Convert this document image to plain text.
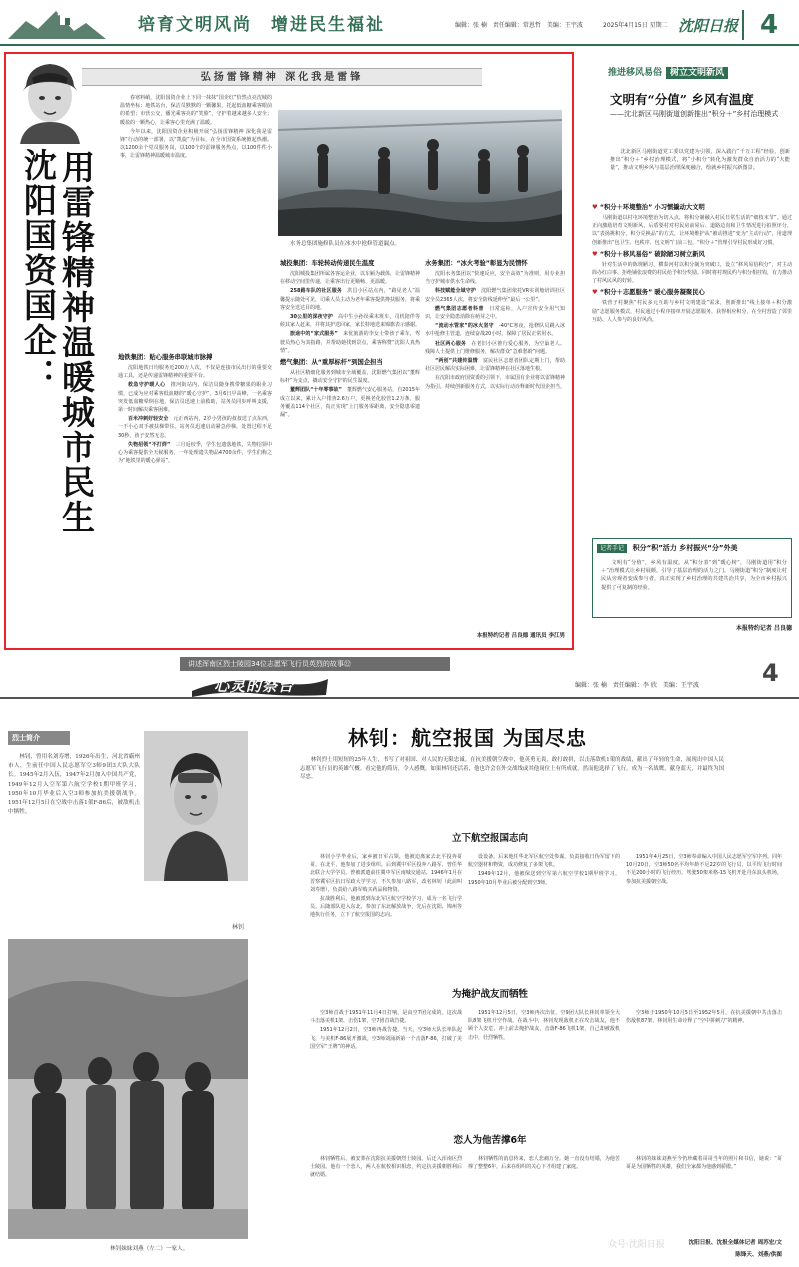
培育文明风尚　增进民生福祉	编辑：张 楠　责任编辑：常恩哲　美编：王宇波	2025年4月15日 星期二 沈阳日报 4
弘扬雷锋精神 深化我是雷锋
用雷锋精神温暖城市民生
沈阳国资国企：

春寒料峭，沈阳国资企业上下同一抹抹“国企红”恰然点亮沈城的温情坐标：地铁站台，保洁员默默的一颗馨果，托起低血糖乘客眼前的希望；市营公交，播光乘客亮的“笑脸”，守护着越来越多人安全；暖盈的一颗热心，让乘客心里充满了温暖。

今年以来，沈阳国资企业积极开展“弘扬雷锋精神 深化我是雷锋”行动的统一部署，以“凯旋”为目标，在全市国资系统掀起热潮。以1200余个党员服务岗，以100个的雷锋服务热点，以100件件小事，让雷锋精神温暖城市温度。

水务总集团施修队员在冰水中抢修管道漏点。
地铁集团：贴心服务串联城市脉搏

沈阳地铁日均服务近200万人次，不仅是连接市民出行的重要交通工具，还是传递雷锋精神的重要平台。

救急守护暖人心　 推河街站内，保洁员随身携带糖果的职业习惯，已成为应对乘客低血糖的“暖心守护”。3月6日早高峰，一名乘客突发低血糖晕倒在地，保洁员迅速上前救助，站务员同步呼叫支援，第一时间解决乘客困难。

百米冲刺好轻安全　 元正西站内，2岁小男孩的叔叔送了点东西，一不小心双手被扶梯带住。站务员迅速启动紧急停梯，处置过程不足30秒，孩子安然无恙。

失物招领“不打烊”　 三月返校季，学生包遗落地铁，失物招领中心为乘客提供全天候服务，一年处理遗失物品4700余件，学生们称之为“地铁里的暖心驿站”。

城投集团：车轮转动传递民生温度

沈阳城投集团所属各客运企业，以车厢为载体，让雷锋精神在移动空间里传递，让乘客出行更顺畅、更温暖。

258路车队的社区服务　 洪昌小区站点内，“路见老人”温馨提示随处可见，司乘人员主动为老年乘客提供搀扶服务，将乘客安全送达目的地。

30公里的深夜守护　 高中生小孙误乘末班车，司机陪伴等候其家人赶来，并将其护送回家，家长特地送来锦旗表示感谢。

旅途中的“家式服务”　 来优旅游的李女士带孩子乘车，驾驶员热心为其指路，并帮助她找到景点，乘客称赞“沈阳人真热情”。

燃气集团：从“重厚标杆”到国企担当

从社区精细化服务到城市全域覆盖，沈阳燃气集团以“董辉标杆”为支点，撬动安全守护的民生温度。

董辉团队“十年零事故”　 董辉燃气安心服务站，自2015年成立以来，累计入户排查2.6万户，更换老化胶管1.2万条，服务覆盖114个社区，真正实现“上门服务零距离，安全隐患零遗漏”。

水务集团：“冰火考验”彰显为民情怀

沈阳水务集团以“快速反应，安全高效”为准则，用专业担当守护城市供水生命线。

科技赋能全域守护　 沈阳燃气集团依托VR实训舱培训社区安全员2365人次，将安全防线延伸至“最后一公里”。

燃气集团志愿者科普　 日常巡检，入户宣传安全用气知识，让安全隐患消除在萌芽之中。

“流动水管家”的冰火坚守　 -40°C寒夜，抢修队员跳入冰水中抢修主管道，连续奋战20小时，保障了居民正常用水。

社区两心服务　 在老旧小区推行爱心服务，为空巢老人、残障人士提供上门维修服务，解决群众“急难愁盼”问题。

“两创”共建传温情　 富民社区志愿者团队定期上门，帮助社区居民解决实际困难，让雷锋精神在社区落地生根。

在沈阳市政府国资委的引领下，市属国有企业将以雷锋精神为指引，持续创新服务方式，以实际行动诠释新时代国企担当。

本报特约记者 吕良德 通讯员 李江男
推进移风易俗 树立文明新风
文明有“分值” 乡风有温度
——沈北新区马刚街道创新推出“积分＋”乡村治理模式
沈北新区马刚街道党工委以党建为引领，深入践行“千万工程”经验，创新推出“积分＋”乡村治理模式，将“小积分”转化为激发群众自治活力的“大能量”，推动文明乡风与基层治理深度融合，绘就乡村振兴新图景。
♥ “积分＋环境整治” 小习惯撬动大文明

马刚街道以村屯环境整治为切入点，将积分制融入村民日常生活的“细枝末节”。通过正向激励培育文明新风，后盾要村对村民房前屋后、道路边沟和卫生情况进行拍照评分，以“表扬挑积分，积分兑换品”的方式，让环境维护从“被动推进”变为“主动行动”，用道理创新推出“包卫生、包秩序、包文明”门前三包，“积分＋”管理引导村民形成好习惯。

♥ “积分＋移风易俗” 破除陋习树立新风

针对生活中的陈规陋习，横泰河村以积分制为突破口，设立“移风易俗积分”，对主动简办红白事、拒绝铺张浪费的村民给予积分奖励。同时将村规民约与积分相挂钩，有力推动了村风民风的好转。

♥ “积分＋志愿服务” 暖心服务凝聚民心

铁营子村聚焦“村民多元互助与乡村文明建设”需求，创新推出“线上接单＋积分激励”志愿服务模式，村民通过小程序接单开展志愿服务，获得相应积分，在全村营造了邻里互助、人人参与的良好风尚。

记者手记 积分“积”活力 乡村振兴“分”外美
文明有“分值”，乡风有温度。从“积分表”到“暖心榜”，马刚街道用“积分＋”治理模式让乡村展颜。引导了基层治理的活力之门。马刚街道“积分”制度让村民从旁观者变成参与者，真正实现了乡村治理的共建共治共享，为全市乡村振兴提供了可复制的经验。
本报特约记者 吕良德
讲述浑南区烈士陵园34位志愿军飞行员英烈的故事㉒
心灵的祭台	编辑：张 楠　责任编辑：李 欣　美编：王宇波	4
烈士简介
林钊，曾用名刘寿增，1926年出生，河北省霸州市人，生前任中国人民志愿军空3师9团3大队大队长。1945年2月入伍，1947年2月加入中国共产党，1949年12月入空军第六航空学校1期甲班学习，1950年10月毕业后入空3师参加抗美援朝战争。1951年12月5日在空战中击落1架F-86后，被敌机击中牺牲。
林钊
林钊妹妹刘燕（左二）一家人。
林钊：航空报国 为国尽忠
林钊烈士用短短的25年人生，书写了对祖国、对人民的无限忠诚。在抗美援朝空战中，他英勇无畏，敢打敢拼，以击落敌机1架的战绩，献出了年轻的生命，展现出中国人民志愿军飞行员的英雄气概。看完他的简历，令人感慨。如果林钊还活着，他也许会在外交战线或其他岗位上有所成就，然而他选择了飞行，成为一名战鹰，献身蓝天，并最终为国尽忠。
立下航空报国志向

林钊小学毕业后，家乡被日军占领，他被迫离家去北平投奔哥哥。在北平，他参加了进步组织，后到冀中军区投奔八路军，曾任华北联合大学学员，曾被派遣前往冀中军区南城交通站。1946年1月在晋察冀军区抗日军政大学学习，不久参加八路军，改名林钊（此前叫刘寿增），负责给八路军购买药品和物资。

抗战胜利后，他被派到东北军区航空学校学习，成为一名飞行学员。后随部队进入东北，参加了东北解放战争，先后在沈阳、锦州等地执行任务，立下了航空报国的志向。

设设备，后来他任华北军区航空处参谋，负责接收日伪军留下的航空器材和物资，成功修复了多架飞机。

1949年12月，他被保送到空军第六航空学校1期甲班学习。1950年10月毕业后被分配到空3师。

1951年4月25日，空3师奉命编入中国人民志愿军空军序列。同年10月20日，空3师50名平均年龄不足22岁的飞行员，以平均飞行时间不足200小时的飞行经历，驾驶50架米格-15飞机开赴丹东浪头机场，参加抗美援朝空战。

为掩护战友而牺牲

空3师首战于1951年11月4日打响，是由空7团完成的。这次战斗击落美机1架，击伤1架，空7团首战告捷。

1951年12月2日，空3师再战告捷。当天，空3师大队长率队起飞，与美机F-86展开激战。空3师刘涌新第一个击落F-86，打破了美国空军“王牌”的神话。

1951年12月5日，空3师再次出征，空9团大队长林钊率领全大队8架飞机升空作战。在战斗中，林钊发现敌机正在攻击战友，他不顾个人安危，冲上前去掩护战友，击落F-86飞机1架，自己却被敌机击中，壮烈牺牲。

空3师于1950年10月5日至1952年5月，在抗美援朝中共击落击伤敌机87架，林钊用生命诠释了“空中拼刺刀”的精神。

恋人为他苦撑6年

林钊牺牲后，被安葬在沈阳抗美援朝烈士陵园。后迁入浑南区烈士陵园。他有一个恋人，两人在航校相识相恋，约定抗美援朝胜利后就结婚。

林钊牺牲的消息传来，恋人悲痛万分。她一直没有结婚，为他苦撑了整整6年，后来在组织的关心下才组建了家庭。

林钊的妹妹刘燕至今仍珍藏着哥哥当年的照片和书信，她说：“哥哥是为国牺牲的英雄，我们全家都为他感到骄傲。”

沈阳日报、沈报全媒体记者 周苏宏/文
陈锋天、刘燕/供图
众号·沈阳日报
